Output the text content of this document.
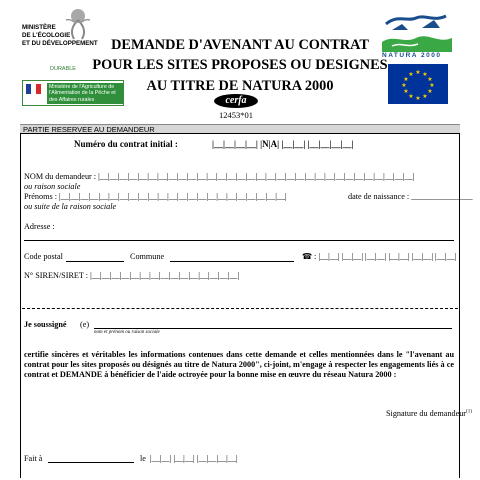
MINISTÈRE
DE L'ÉCOLOGIE
ET DU DÉVELOPPEMENT
DURABLE
Ministère de l'Agriculture de l'Alimentation de la Pêche et des Affaires rurales
NATURA 2000
★ ★
★
★
★
★
★
★
★
★
★
★
DEMANDE D'AVENANT AU CONTRAT
POUR LES SITES PROPOSES OU DESIGNES
AU TITRE DE NATURA 2000
cerfa
12453*01
PARTIE RESERVEE AU DEMANDEUR
Numéro du contrat initial :	|__|__|__|__| |N|A| |__|__| |__|__|__|__|
NOM du demandeur : |__|__|__|__|__|__|__|__|__|__|__|__|__|__|__|__|__|__|__|__|__|__|__|__|__|__|__|__|__|__|__|__|
ou raison sociale
Prénoms : |__|__|__|__|__|__|__|__|__|__|__|__|__|__|__|__|__|__|__|__|__|__|__|	date de naissance : _______________
ou suite de la raison sociale
Adresse :
Code postal	Commune	☎ : |__|__| |__|__| |__|__| |__|__| |__|__| |__|__|
N° SIREN/SIRET : |__|__|__|__|__|__|__|__|__|__|__|__|__|__|__|
Je soussigné (e)
nom et prénom ou raison sociale
certifie sincères et véritables les informations contenues dans cette demande et celles mentionnées dans le "l'avenant au contrat pour les sites proposés ou désignés au titre de Natura 2000", ci-joint, m'engage à respecter les engagements liés à ce contrat et DEMANDE à bénéficier de l'aide octroyée pour la bonne mise en œuvre du réseau Natura 2000 :
Signature du demandeur$^{(1)}$
Fait à	le |__|__| |__|__| |__|__|__|__|
